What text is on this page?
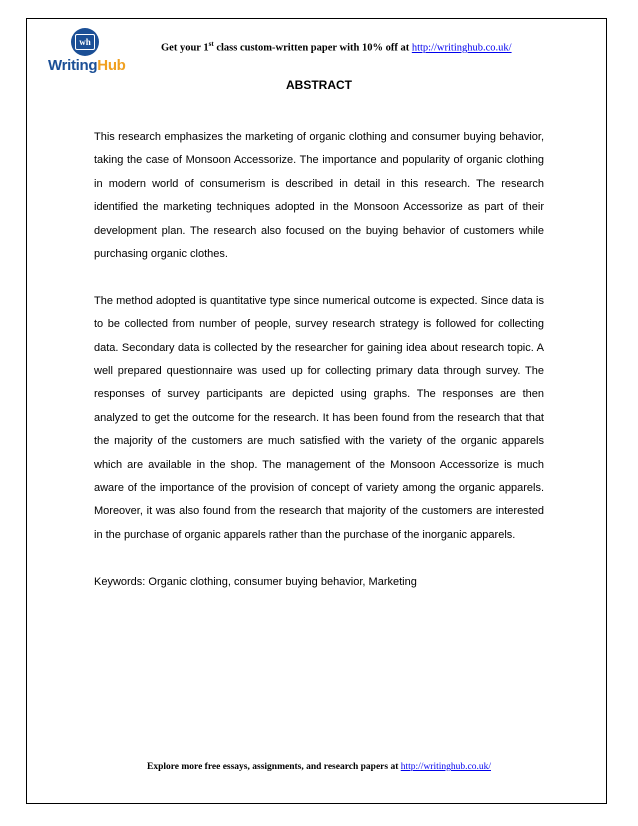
wh
WritingHub
Get your 1st class custom-written paper with 10% off at http://writinghub.co.uk/
ABSTRACT

This research emphasizes the marketing of organic clothing and consumer buying behavior, taking the case of Monsoon Accessorize. The importance and popularity of organic clothing in modern world of consumerism is described in detail in this research. The research identified the marketing techniques adopted in the Monsoon Accessorize as part of their development plan. The research also focused on the buying behavior of customers while purchasing organic clothes.

The method adopted is quantitative type since numerical outcome is expected. Since data is to be collected from number of people, survey research strategy is followed for collecting data. Secondary data is collected by the researcher for gaining idea about research topic. A well prepared questionnaire was used up for collecting primary data through survey. The responses of survey participants are depicted using graphs. The responses are then analyzed to get the outcome for the research. It has been found from the research that that the majority of the customers are much satisfied with the variety of the organic apparels which are available in the shop. The management of the Monsoon Accessorize is much aware of the importance of the provision of concept of variety among the organic apparels. Moreover, it was also found from the research that majority of the customers are interested in the purchase of organic apparels rather than the purchase of the inorganic apparels.

Keywords: Organic clothing, consumer buying behavior, Marketing

Explore more free essays, assignments, and research papers at http://writinghub.co.uk/
